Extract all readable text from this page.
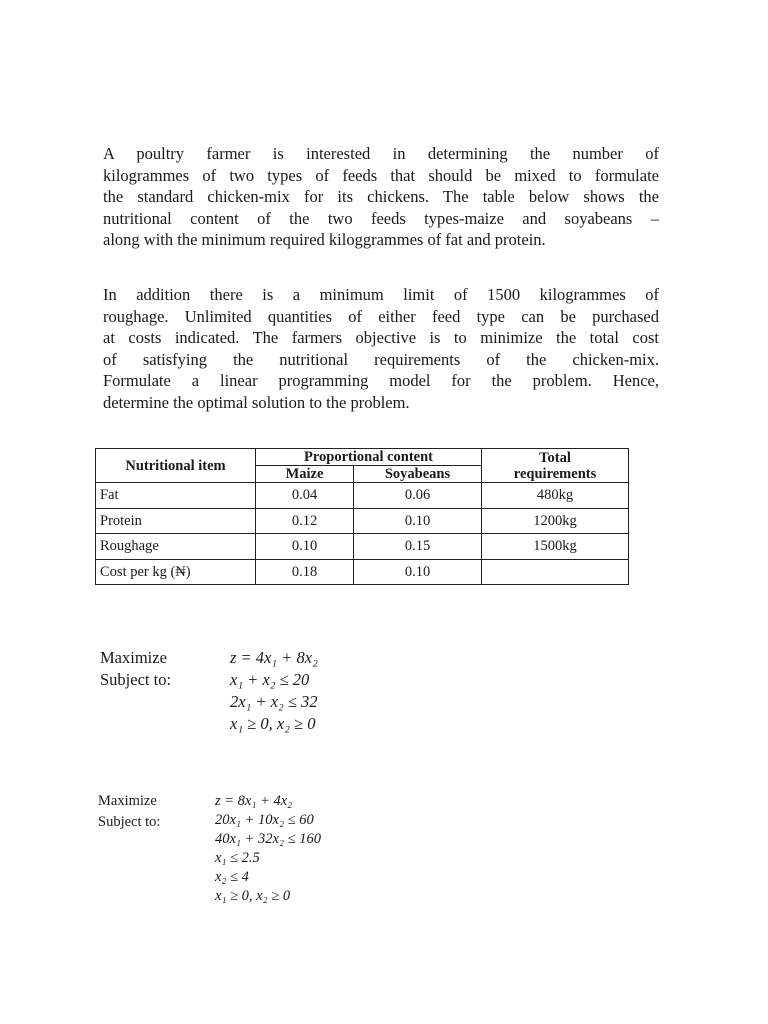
A poultry farmer is interested in determining the number of
kilogrammes of two types of feeds that should be mixed to formulate
the standard chicken-mix for its chickens. The table below shows the
nutritional content of the two feeds types-maize and soyabeans –
along with the minimum required kiloggrammes of fat and protein.

In addition there is a minimum limit of 1500 kilogrammes of
roughage. Unlimited quantities of either feed type can be purchased
at costs indicated. The farmers objective is to minimize the total cost
of satisfying the nutritional requirements of the chicken-mix.
Formulate a linear programming model for the problem. Hence,
determine the optimal solution to the problem.

Nutritional item	Proportional content		Total
requirements
	Maize	Soyabeans	
Fat	0.04	0.06	480kg
Protein	0.12	0.10	1200kg
Roughage	0.10	0.15	1500kg
Cost per kg (₦)	0.18	0.10	
Maximize
Subject to:
z = 4x₁ + 8x₂
x₁ + x₂ ≤ 20
2x₁ + x₂ ≤ 32
x₁ ≥ 0, x₂ ≥ 0
Maximize
Subject to:
z = 8x₁ + 4x₂
20x₁ + 10x₂ ≤ 60
40x₁ + 32x₂ ≤ 160
x₁ ≤ 2.5
x₂ ≤ 4
x₁ ≥ 0, x₂ ≥ 0
